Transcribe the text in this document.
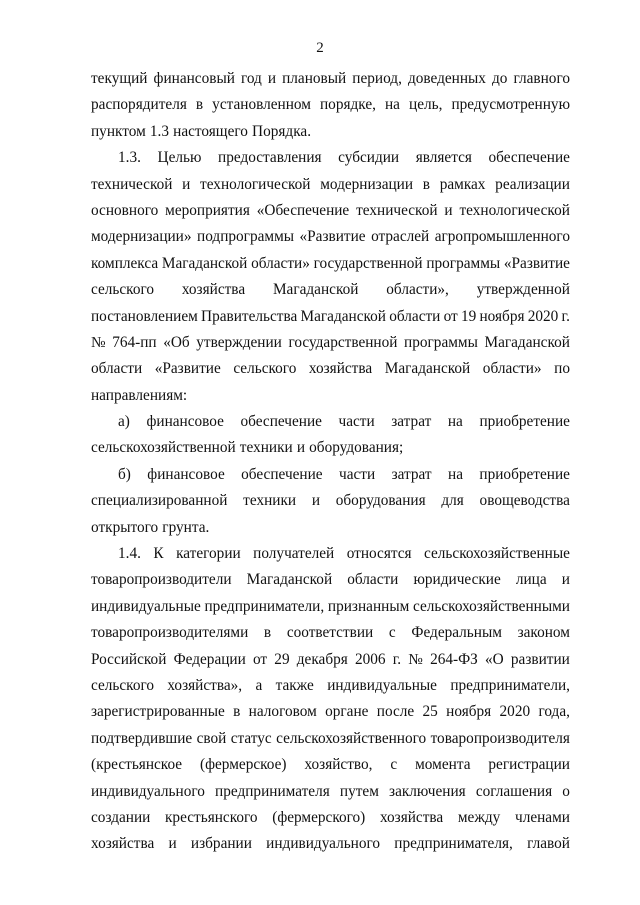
2
текущий финансовый год и плановый период, доведенных до главного
распорядителя в установленном порядке, на цель, предусмотренную
пунктом 1.3 настоящего Порядка.
1.3. Целью предоставления субсидии является обеспечение
технической и технологической модернизации в рамках реализации
основного мероприятия «Обеспечение технической и технологической
модернизации» подпрограммы «Развитие отраслей агропромышленного
комплекса Магаданской области» государственной программы «Развитие
сельского хозяйства Магаданской области», утвержденной
постановлением Правительства Магаданской области от 19 ноября 2020 г.
№ 764-пп «Об утверждении государственной программы Магаданской
области «Развитие сельского хозяйства Магаданской области» по
направлениям:
а) финансовое обеспечение части затрат на приобретение
сельскохозяйственной техники и оборудования;
б) финансовое обеспечение части затрат на приобретение
специализированной техники и оборудования для овощеводства
открытого грунта.
1.4. К категории получателей относятся сельскохозяйственные
товаропроизводители Магаданской области юридические лица и
индивидуальные предприниматели, признанным сельскохозяйственными
товаропроизводителями в соответствии с Федеральным законом
Российской Федерации от 29 декабря 2006 г. № 264-ФЗ «О развитии
сельского хозяйства», а также индивидуальные предприниматели,
зарегистрированные в налоговом органе после 25 ноября 2020 года,
подтвердившие свой статус сельскохозяйственного товаропроизводителя
(крестьянское (фермерское) хозяйство, с момента регистрации
индивидуального предпринимателя путем заключения соглашения о
создании крестьянского (фермерского) хозяйства между членами
хозяйства и избрании индивидуального предпринимателя, главой
